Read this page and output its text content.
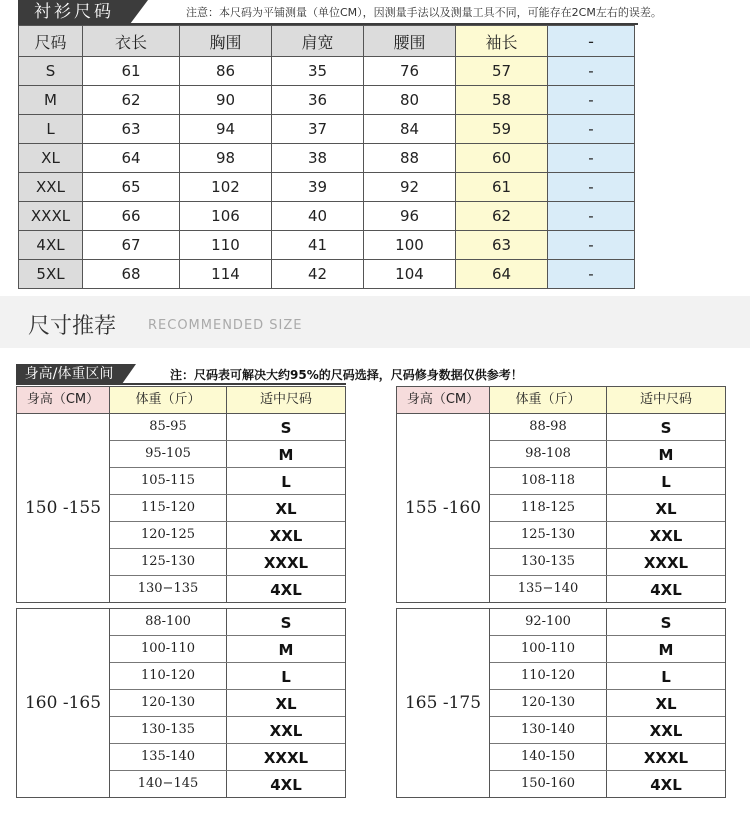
衬衫尺码	注意：本尺码为平铺测量（单位CM），因测量手法以及测量工具不同，可能存在2CM左右的误差。
尺码	衣长	胸围	肩宽	腰围	袖长	-
S	61	86	35	76	57	-
M	62	90	36	80	58	-
L	63	94	37	84	59	-
XL	64	98	38	88	60	-
XXL	65	102	39	92	61	-
XXXL	66	106	40	96	62	-
4XL	67	110	41	100	63	-
5XL	68	114	42	104	64	-
尺寸推荐 RECOMMENDED SIZE
身高/体重区间	注：尺码表可解决大约95%的尺码选择，尺码修身数据仅供参考！
身高（CM）	体重（斤）	适中尺码
150 -155
85-95	S
95-105	M
105-115	L
115-120	XL
120-125	XXL
125-130	XXXL
130−135	4XL
身高（CM）	体重（斤）	适中尺码
155 -160
88-98	S
98-108	M
108-118	L
118-125	XL
125-130	XXL
130-135	XXXL
135−140	4XL
160 -165
88-100	S
100-110	M
110-120	L
120-130	XL
130-135	XXL
135-140	XXXL
140−145	4XL
165 -175
92-100	S
100-110	M
110-120	L
120-130	XL
130-140	XXL
140-150	XXXL
150-160	4XL
